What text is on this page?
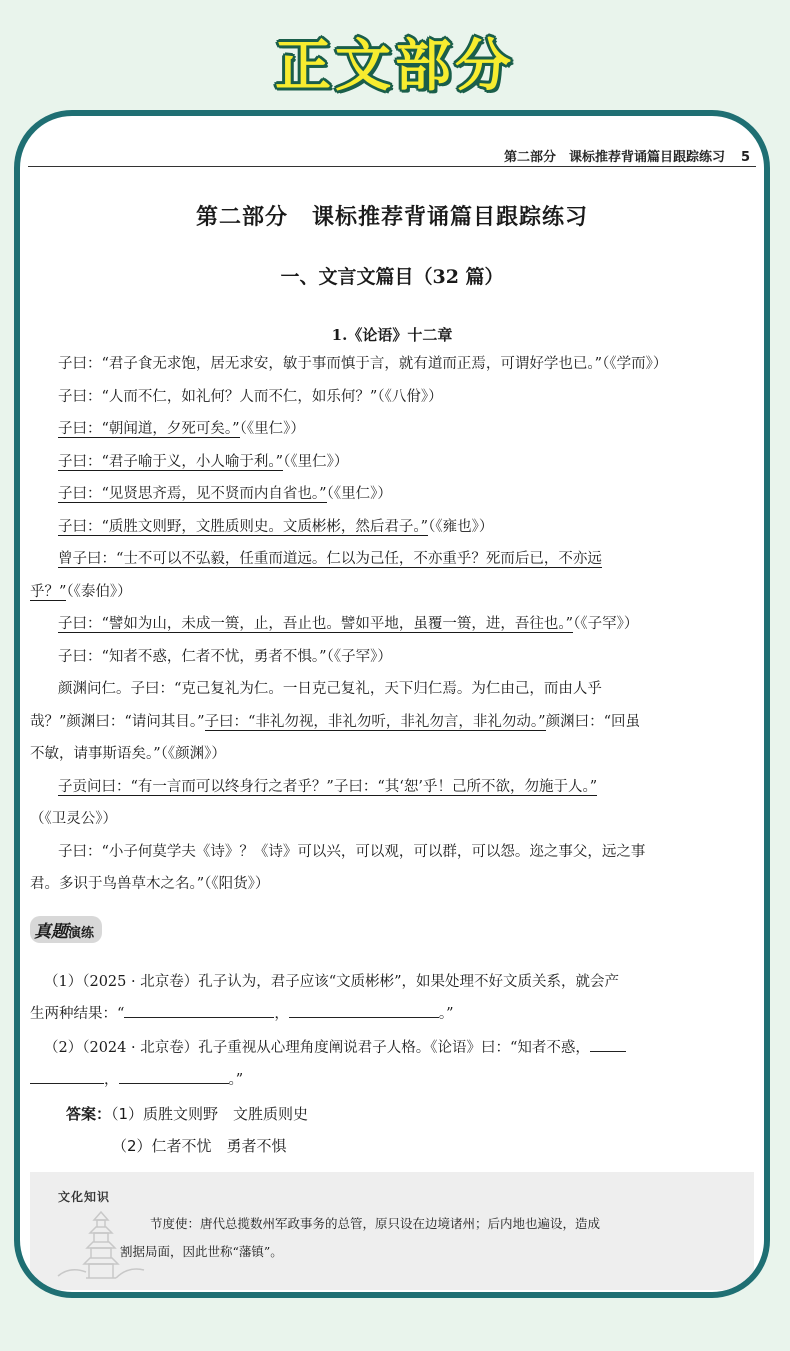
正文部分
第二部分　课标推荐背诵篇目跟踪练习 5
第二部分 课标推荐背诵篇目跟踪练习
一、文言文篇目（32 篇）
1.《论语》十二章
子曰：“君子食无求饱，居无求安，敏于事而慎于言，就有道而正焉，可谓好学也已。”（《学而》）
子曰：“人而不仁，如礼何？人而不仁，如乐何？”（《八佾》）
子曰：“朝闻道，夕死可矣。”（《里仁》）
子曰：“君子喻于义，小人喻于利。”（《里仁》）
子曰：“见贤思齐焉，见不贤而内自省也。”（《里仁》）
子曰：“质胜文则野，文胜质则史。文质彬彬，然后君子。”（《雍也》）
曾子曰：“士不可以不弘毅，任重而道远。仁以为己任，不亦重乎？死而后已，不亦远
乎？”（《泰伯》）
子曰：“譬如为山，未成一篑，止，吾止也。譬如平地，虽覆一篑，进，吾往也。”（《子罕》）
子曰：“知者不惑，仁者不忧，勇者不惧。”（《子罕》）
颜渊问仁。子曰：“克己复礼为仁。一日克己复礼，天下归仁焉。为仁由己，而由人乎
哉？”颜渊曰：“请问其目。”子曰：“非礼勿视，非礼勿听，非礼勿言，非礼勿动。”颜渊曰：“回虽
不敏，请事斯语矣。”（《颜渊》）
子贡问曰：“有一言而可以终身行之者乎？”子曰：“其‘恕’乎！己所不欲，勿施于人。”
（《卫灵公》）
子曰：“小子何莫学夫《诗》？《诗》可以兴，可以观，可以群，可以怨。迩之事父，远之事
君。多识于鸟兽草木之名。”（《阳货》）
真题演练
（1）（2025 · 北京卷）孔子认为，君子应该“文质彬彬”，如果处理不好文质关系，就会产
生两种结果：“	，	。”
（2）（2024 · 北京卷）孔子重视从心理角度阐说君子人格。《论语》曰：“知者不惑，
，	。”
答案：（1）质胜文则野　文胜质则史
（2）仁者不忧　勇者不惧
文化知识
节度使：唐代总揽数州军政事务的总管，原只设在边境诸州；后内地也遍设，造成
割据局面，因此世称“藩镇”。
